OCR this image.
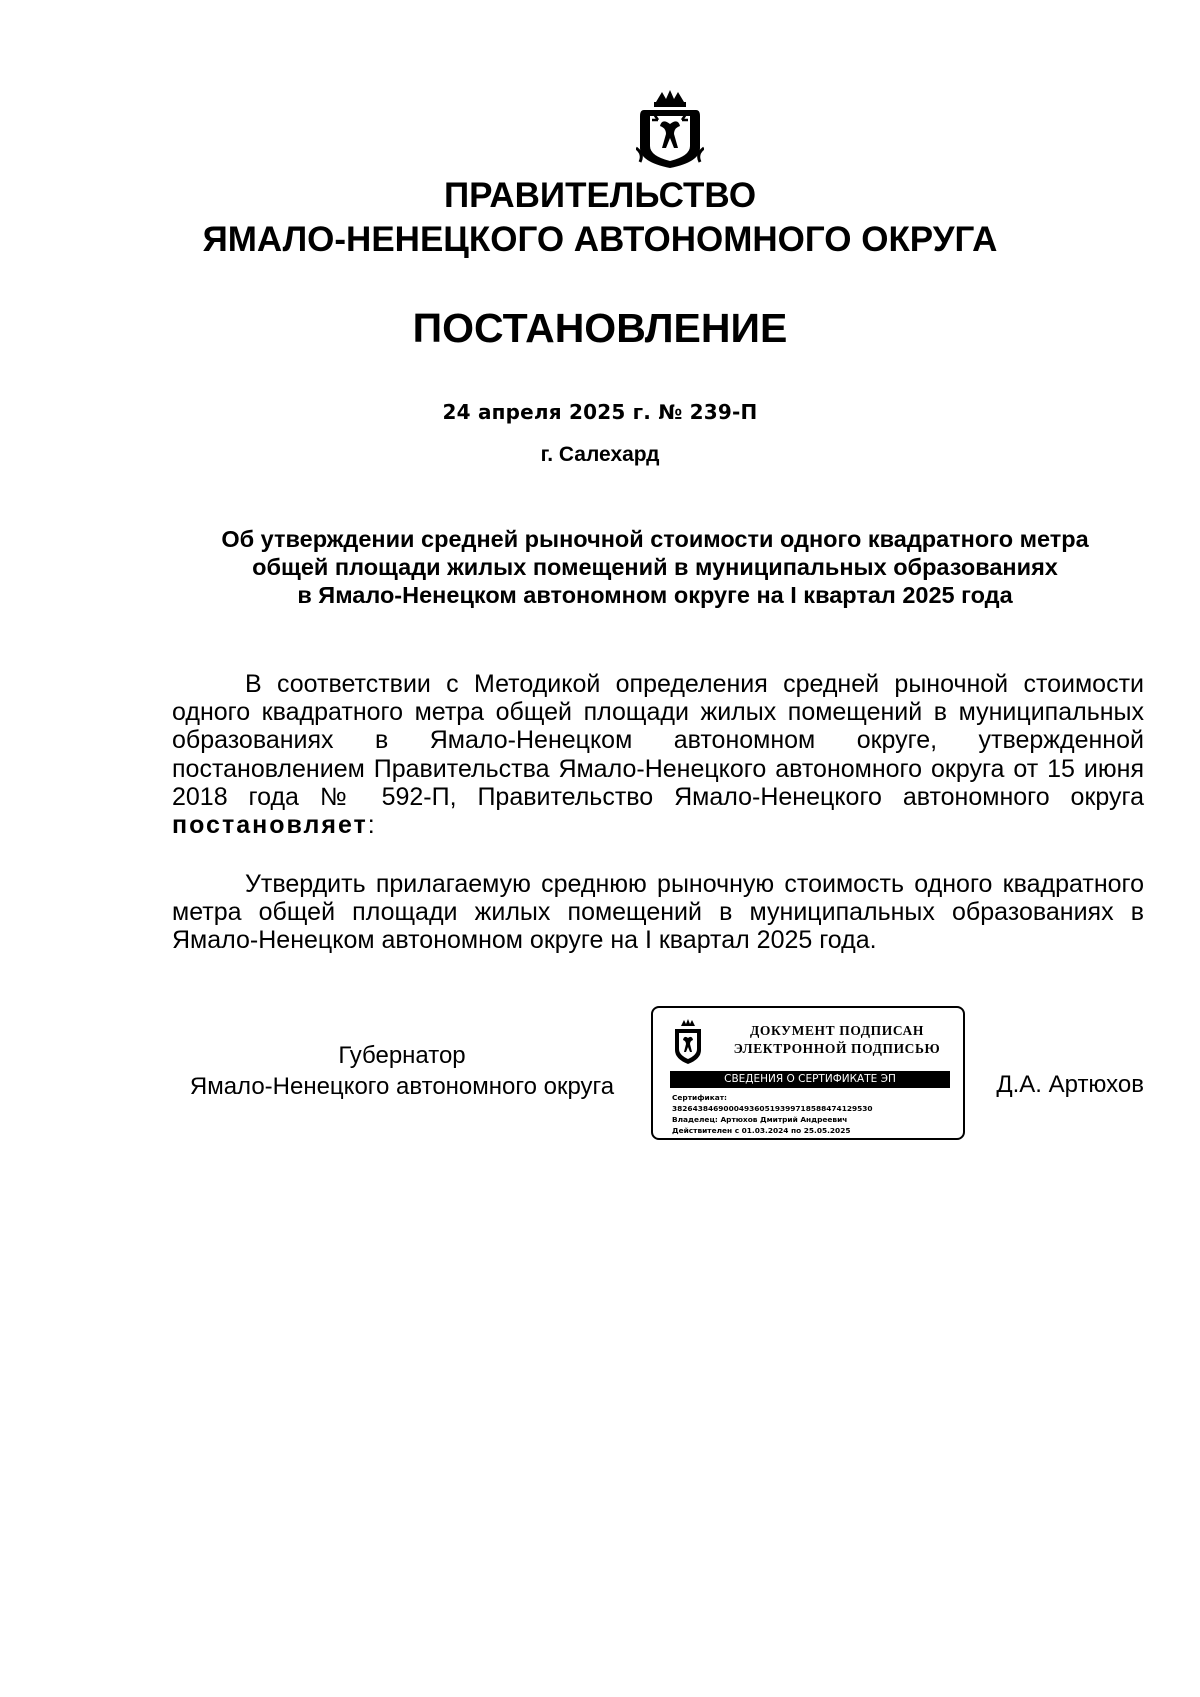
ПРАВИТЕЛЬСТВО
ЯМАЛО-НЕНЕЦКОГО АВТОНОМНОГО ОКРУГА
ПОСТАНОВЛЕНИЕ
24 апреля 2025 г. № 239-П
г. Салехард
Об утверждении средней рыночной стоимости одного квадратного метра
общей площади жилых помещений в муниципальных образованиях
в Ямало-Ненецком автономном округе на I квартал 2025 года
В соответствии с Методикой определения средней рыночной стоимости одного квадратного метра общей площади жилых помещений в муниципальных образованиях в Ямало-Ненецком автономном округе, утвержденной постановлением Правительства Ямало-Ненецкого автономного округа от 15 июня 2018 года № 592-П, Правительство Ямало-Ненецкого автономного округа постановляет:
Утвердить прилагаемую среднюю рыночную стоимость одного квадратного метра общей площади жилых помещений в муниципальных образованиях в Ямало-Ненецком автономном округе на I квартал 2025 года.
Губернатор
Ямало-Ненецкого автономного округа
ДОКУМЕНТ ПОДПИСАН
ЭЛЕКТРОННОЙ ПОДПИСЬЮ
СВЕДЕНИЯ О СЕРТИФИКАТЕ ЭП
Сертификат:
382643846900049360519399718588474129530
Владелец: Артюхов Дмитрий Андреевич
Действителен с 01.03.2024 по 25.05.2025
Д.А. Артюхов
